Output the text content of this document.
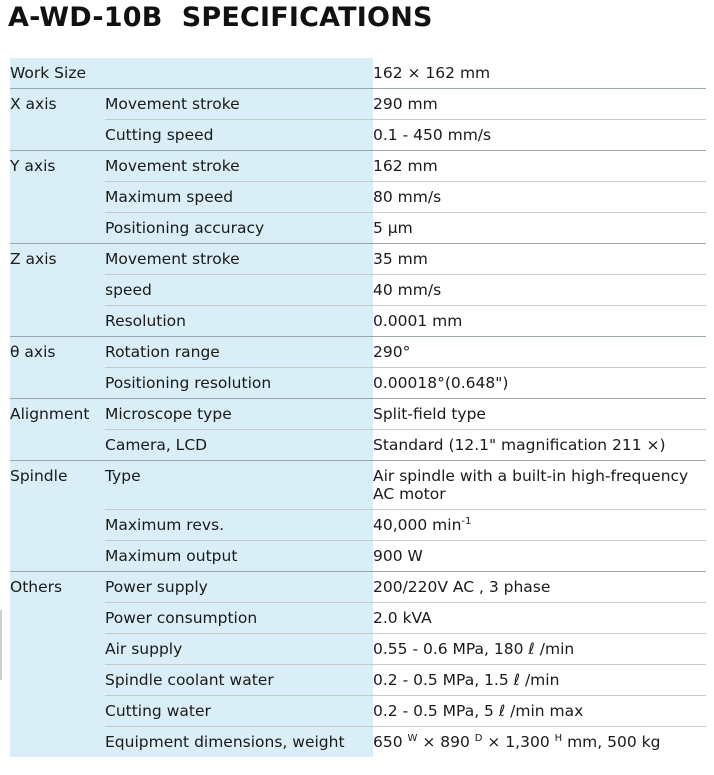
A-WD-10B  SPECIFICATIONS
Work Size		162 × 162 mm
X axis	Movement stroke	290 mm
	Cutting speed	0.1 - 450 mm/s
Y axis	Movement stroke	162 mm
	Maximum speed	80 mm/s
	Positioning accuracy	5 μm
Z axis	Movement stroke	35 mm
	speed	40 mm/s
	Resolution	0.0001 mm
θ axis	Rotation range	290°
	Positioning resolution	0.00018°(0.648")
Alignment	Microscope type	Split-field type
	Camera, LCD	Standard (12.1" magnification 211 ×)
Spindle	Type	Air spindle with a built-in high-frequency AC motor
	Maximum revs.	40,000 $\min^{-1}$
	Maximum output	900 W
Others	Power supply	200/220V AC , 3 phase
	Power consumption	2.0 kVA
	Air supply	0.55 - 0.6 MPa, 180 ℓ /min
	Spindle coolant water	0.2 - 0.5 MPa, 1.5 ℓ /min
	Cutting water	0.2 - 0.5 MPa, 5 ℓ /min max
	Equipment dimensions, weight	650 $^W$ × 890 $^D$ × 1,300 $^H$ mm, 500 kg
